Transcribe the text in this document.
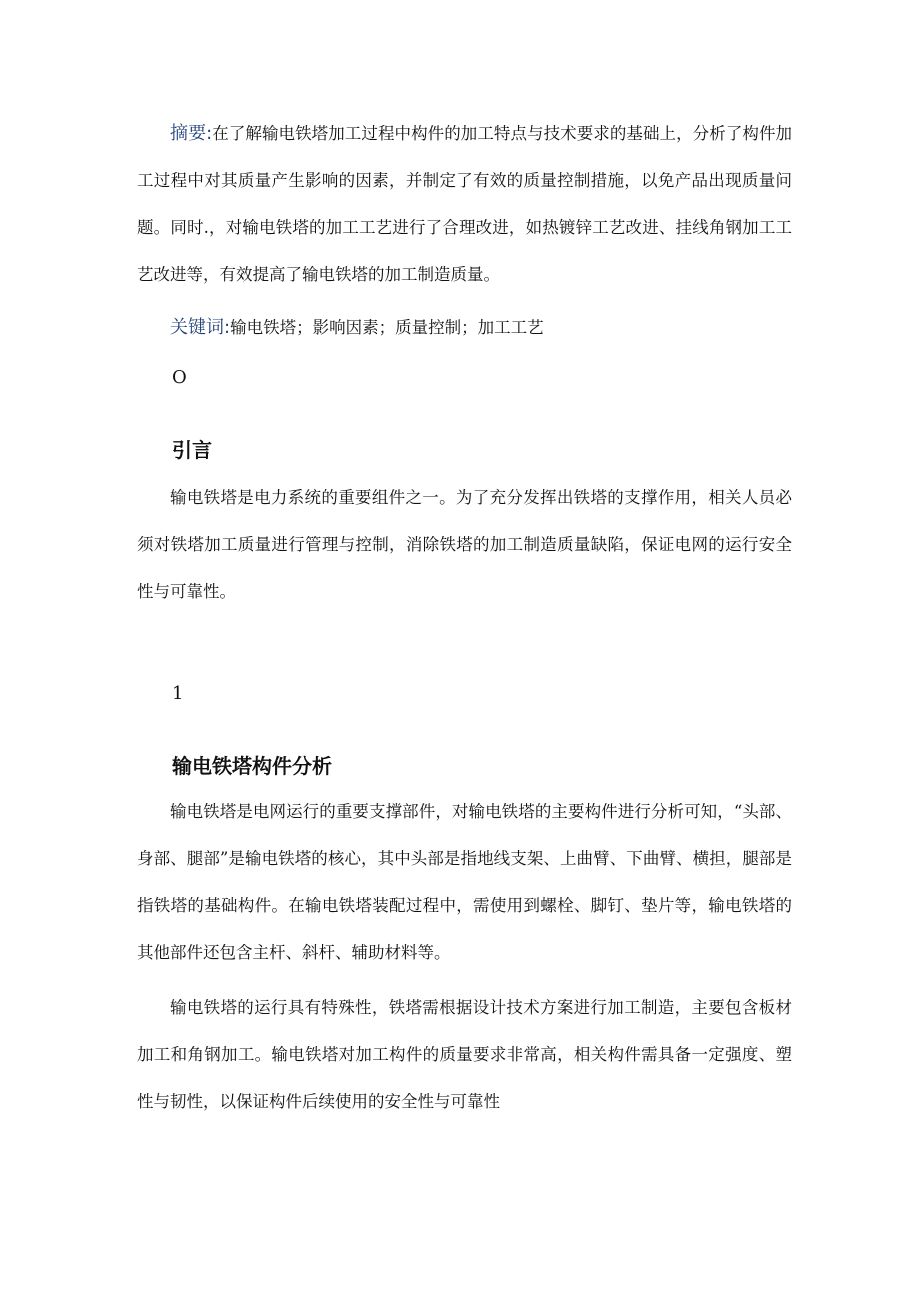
摘要:在了解输电铁塔加工过程中构件的加工特点与技术要求的基础上，分析了构件加工过程中对其质量产生影响的因素，并制定了有效的质量控制措施，以免产品出现质量问题。同时.，对输电铁塔的加工工艺进行了合理改进，如热镀锌工艺改进、挂线角钢加工工艺改进等，有效提高了输电铁塔的加工制造质量。

关键词:输电铁塔；影响因素；质量控制；加工工艺

O

引言

输电铁塔是电力系统的重要组件之一。为了充分发挥出铁塔的支撑作用，相关人员必须对铁塔加工质量进行管理与控制，消除铁塔的加工制造质量缺陷，保证电网的运行安全性与可靠性。

1

输电铁塔构件分析

输电铁塔是电网运行的重要支撑部件，对输电铁塔的主要构件进行分析可知，“头部、身部、腿部”是输电铁塔的核心，其中头部是指地线支架、上曲臂、下曲臂、横担，腿部是指铁塔的基础构件。在输电铁塔装配过程中，需使用到螺栓、脚钉、垫片等，输电铁塔的其他部件还包含主杆、斜杆、辅助材料等。

输电铁塔的运行具有特殊性，铁塔需根据设计技术方案进行加工制造，主要包含板材加工和角钢加工。输电铁塔对加工构件的质量要求非常高，相关构件需具备一定强度、塑性与韧性，以保证构件后续使用的安全性与可靠性
